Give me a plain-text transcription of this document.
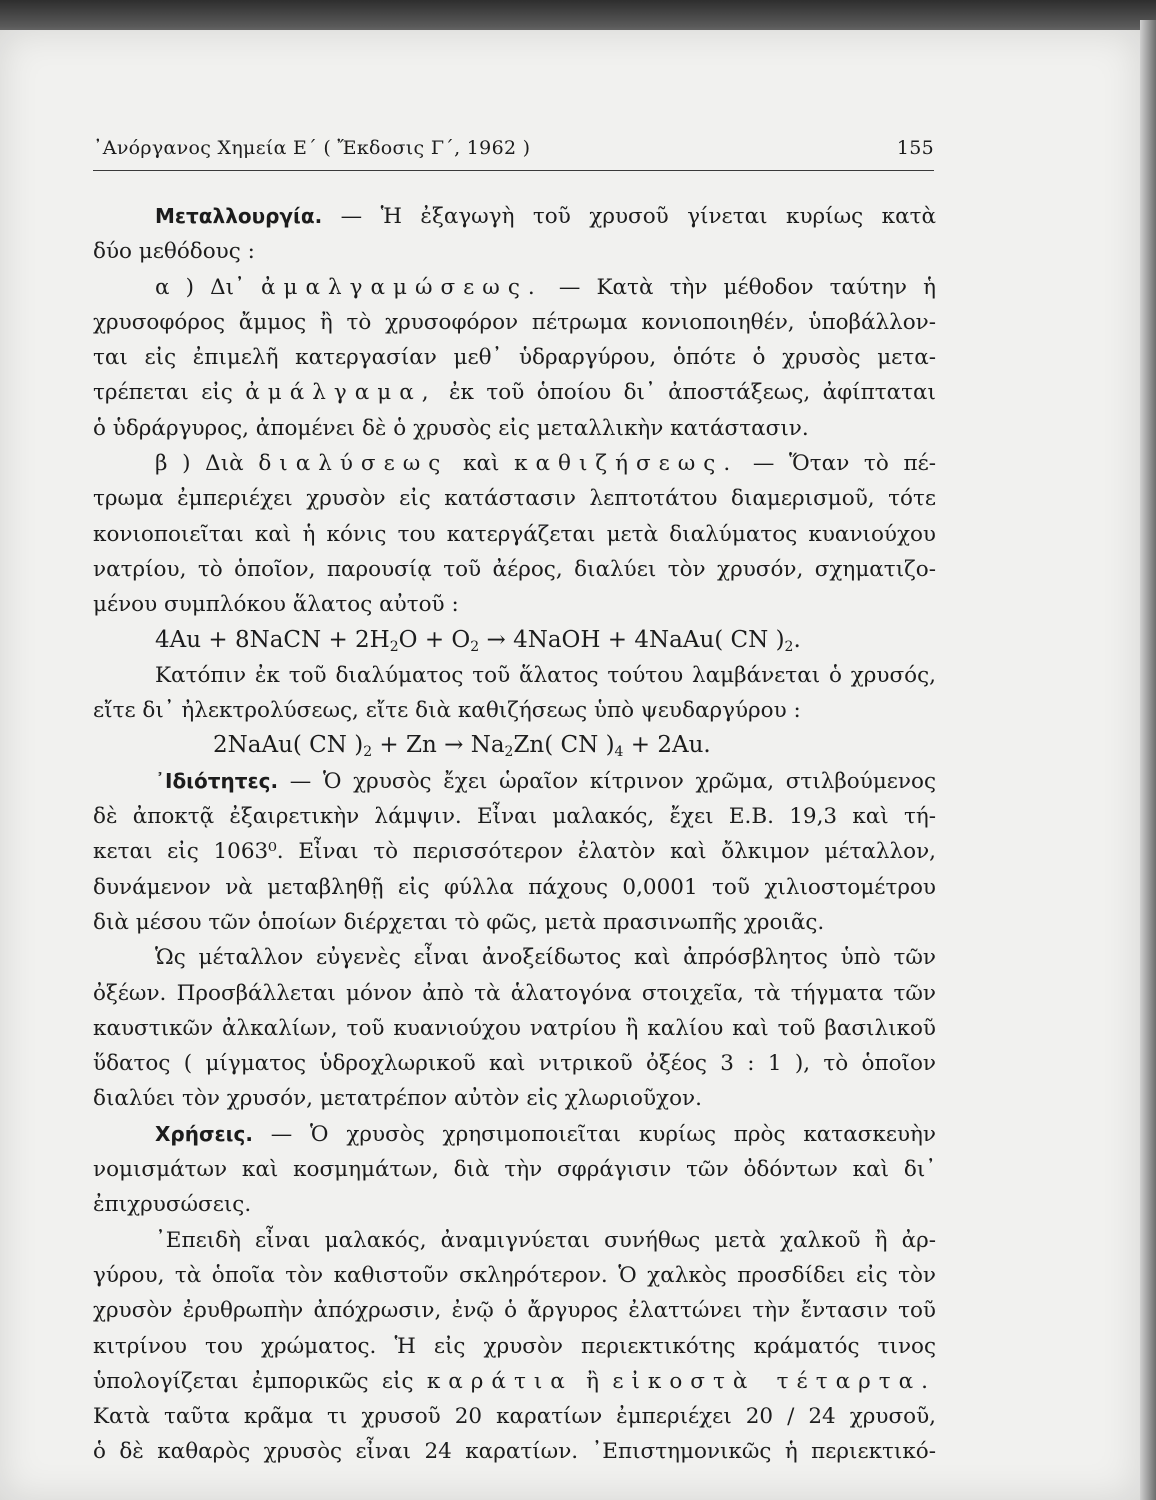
᾿Ανόργανος Χημεία Ε΄ ( Ἔκδοσις Γ΄, 1962 )	155
Μεταλλουργία. — Ἡ ἐξαγωγὴ τοῦ χρυσοῦ γίνεται κυρίως κατὰ
δύο μεθόδους :
α ) Δι᾿ ἀμαλγαμώσεως. — Κατὰ τὴν μέθοδον ταύτην ἡ
χρυσοφόρος ἄμμος ἢ τὸ χρυσοφόρον πέτρωμα κονιοποιηθέν, ὑποβάλλον-
ται εἰς ἐπιμελῆ κατεργασίαν μεθ᾿ ὑδραργύρου, ὁπότε ὁ χρυσὸς μετα-
τρέπεται εἰς ἀμάλγαμα, ἐκ τοῦ ὁποίου δι᾿ ἀποστάξεως, ἀφίπταται
ὁ ὑδράργυρος, ἀπομένει δὲ ὁ χρυσὸς εἰς μεταλλικὴν κατάστασιν.
β ) Διὰ διαλύσεως καὶ καθιζήσεως. — Ὅταν τὸ πέ-
τρωμα ἐμπεριέχει χρυσὸν εἰς κατάστασιν λεπτοτάτου διαμερισμοῦ, τότε
κονιοποιεῖται καὶ ἡ κόνις του κατεργάζεται μετὰ διαλύματος κυανιούχου
νατρίου, τὸ ὁποῖον, παρουσίᾳ τοῦ ἀέρος, διαλύει τὸν χρυσόν, σχηματιζο-
μένου συμπλόκου ἅλατος αὐτοῦ :
4Au + 8NaCN + $2H_2O + O_2$ → 4NaOH + 4NaAu( CN )$_2$.
Κατόπιν ἐκ τοῦ διαλύματος τοῦ ἅλατος τούτου λαμβάνεται ὁ χρυσός,
εἴτε δι᾿ ἠλεκτρολύσεως, εἴτε διὰ καθιζήσεως ὑπὸ ψευδαργύρου :
2NaAu( CN )$_2 + Zn \to Na_2Zn$( CN )$_4 + 2Au$.
᾿Ιδιότητες. — Ὁ χρυσὸς ἔχει ὡραῖον κίτρινον χρῶμα, στιλβούμενος
δὲ ἀποκτᾷ ἐξαιρετικὴν λάμψιν. Εἶναι μαλακός, ἔχει Ε.Β. 19,3 καὶ τή-
κεται εἰς 1063⁰. Εἶναι τὸ περισσότερον ἐλατὸν καὶ ὄλκιμον μέταλλον,
δυνάμενον νὰ μεταβληθῇ εἰς φύλλα πάχους 0,0001 τοῦ χιλιοστομέτρου
διὰ μέσου τῶν ὁποίων διέρχεται τὸ φῶς, μετὰ πρασινωπῆς χροιᾶς.
Ὡς μέταλλον εὐγενὲς εἶναι ἀνοξείδωτος καὶ ἀπρόσβλητος ὑπὸ τῶν
ὀξέων. Προσβάλλεται μόνον ἀπὸ τὰ ἁλατογόνα στοιχεῖα, τὰ τήγματα τῶν
καυστικῶν ἀλκαλίων, τοῦ κυανιούχου νατρίου ἢ καλίου καὶ τοῦ βασιλικοῦ
ὕδατος ( μίγματος ὑδροχλωρικοῦ καὶ νιτρικοῦ ὀξέος 3 : 1 ), τὸ ὁποῖον
διαλύει τὸν χρυσόν, μετατρέπον αὐτὸν εἰς χλωριοῦχον.
Χρήσεις. — Ὁ χρυσὸς χρησιμοποιεῖται κυρίως πρὸς κατασκευὴν
νομισμάτων καὶ κοσμημάτων, διὰ τὴν σφράγισιν τῶν ὀδόντων καὶ δι᾿
ἐπιχρυσώσεις.
᾿Επειδὴ εἶναι μαλακός, ἀναμιγνύεται συνήθως μετὰ χαλκοῦ ἢ ἀρ-
γύρου, τὰ ὁποῖα τὸν καθιστοῦν σκληρότερον. Ὁ χαλκὸς προσδίδει εἰς τὸν
χρυσὸν ἐρυθρωπὴν ἀπόχρωσιν, ἐνῷ ὁ ἄργυρος ἐλαττώνει τὴν ἔντασιν τοῦ
κιτρίνου του χρώματος. Ἡ εἰς χρυσὸν περιεκτικότης κράματός τινος
ὑπολογίζεται ἐμπορικῶς εἰς καράτια ἢ εἰκοστὰ τέταρτα.
Κατὰ ταῦτα κρᾶμα τι χρυσοῦ 20 καρατίων ἐμπεριέχει 20 / 24 χρυσοῦ,
ὁ δὲ καθαρὸς χρυσὸς εἶναι 24 καρατίων. ᾿Επιστημονικῶς ἡ περιεκτικό-
